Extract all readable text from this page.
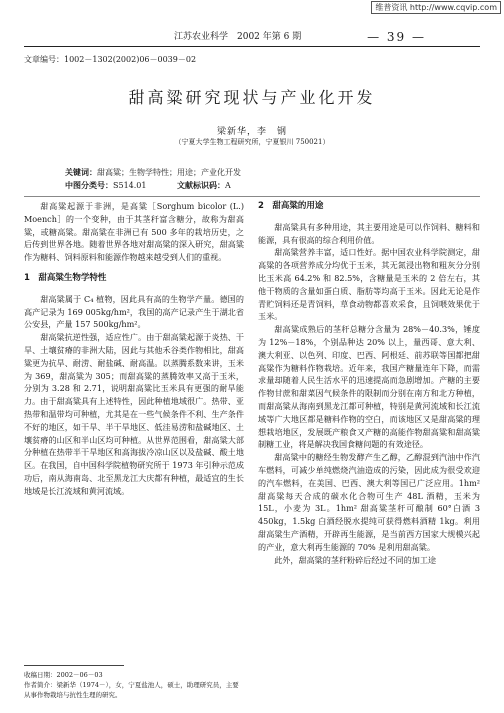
维普资讯 http://www.cqvip.com
江苏农业科学　2002 年第 6 期	— 39 —
文章编号：1002－1302(2002)06－0039－02
甜高粱研究现状与产业化开发
梁新华，李　钢
（宁夏大学生物工程研究所，宁夏银川 750021）
关键词：甜高粱；生物学特性；用途；产业化开发
中图分类号：S514.01	文献标识码：A

甜高粱起源于非洲，是高粱［Sorghum bicolor (L.) Moench］的一个变种，由于其茎秆富含糖分，故称为甜高粱，或糖高粱。甜高粱在非洲已有 500 多年的栽培历史，之后传到世界各地。随着世界各地对甜高粱的深入研究，甜高粱作为糖料、饲料原料和能源作物越来越受到人们的重视。

1　甜高粱生物学特性

甜高粱属于 C₄ 植物，因此具有高的生物学产量。德国的高产记录为 169 005kg/hm²，我国的高产记录产生于湖北省公安县，产量 157 500kg/hm²。

甜高粱抗逆性强，适应性广。由于甜高粱起源于炎热、干旱、土壤贫瘠的非洲大陆，因此与其他禾谷类作物相比，甜高粱更为抗旱、耐涝、耐盐碱、耐高温。以蒸腾系数来讲，玉米为 369，甜高粱为 305；而甜高粱的蒸腾效率又高于玉米，分别为 3.28 和 2.71，说明甜高粱比玉米具有更强的耐旱能力。由于甜高粱具有上述特性，因此种植地域很广。热带、亚热带和温带均可种植，尤其是在一些气候条件不利、生产条件不好的地区，如干旱、半干旱地区、低洼易涝和盐碱地区、土壤贫瘠的山区和半山区均可种植。从世界范围看，甜高粱大部分种植在热带半干旱地区和高海拔冷凉山区以及盐碱、酸土地区。在我国，自中国科学院植物研究所于 1973 年引种示范成功后，南从海南岛、北至黑龙江大庆都有种植，最适宜的生长地域是长江流域和黄河流域。

2　甜高粱的用途

甜高粱具有多种用途，其主要用途是可以作饲料、糖料和能源，具有很高的综合利用价值。

甜高粱营养丰富，适口性好。据中国农业科学院测定，甜高粱的各项营养成分均优于玉米，其无氮浸出物和粗灰分分别比玉米高 64.2% 和 82.5%，含糖量是玉米的 2 倍左右，其他干物质的含量如蛋白质、脂肪等均高于玉米。因此无论是作青贮饲料还是青饲料，草食动物都喜欢采食，且饲喂效果优于玉米。

甜高粱成熟后的茎秆总糖分含量为 28%－40.3%，锤度为 12%－18%，个别品种达 20% 以上，量西哥、意大利、澳大利亚、以色列、印度、巴西、阿根廷、前苏联等国都把甜高粱作为糖料作物栽培。近年来，我国产糖量连年下降，而需求量却随着人民生活水平的迅速提高而急剧增加。产糖的主要作物甘蔗和甜菜因气候条件的限制而分别在南方和北方种植，而甜高粱从海南到黑龙江都可种植，特别是黄河流域和长江流域等广大地区都是糖料作物的空白，而该地区又是甜高粱的理想栽培地区，发展既产粮食又产糖的高能作物甜高粱和甜高粱制糖工业，将是解决我国食糖问题的有效途径。

甜高粱中的糖经生物发酵产生乙醇，乙醇混到汽油中作汽车燃料，可减少单纯燃烧汽油造成的污染，因此成为很受欢迎的汽车燃料，在美国、巴西、澳大利等国已广泛应用。1hm² 甜高粱每天合成的碳水化合物可生产 48L 酒精，玉米为 15L，小麦为 3L。1hm² 甜高粱茎秆可酿制 60°白酒 3 450kg，1.5kg 白酒经脱水提纯可获得燃料酒精 1kg。利用甜高粱生产酒精，开辟再生能源，是当前西方国家大规模兴起的产业，意大利再生能源的 70% 是利用甜高粱。

此外，甜高粱的茎秆粉碎后经过不同的加工途

收稿日期：2002－06－03
作者简介：梁新华（1974－），女，宁夏盐池人，硕士，助理研究员，主要从事作物栽培与抗性生理的研究。
